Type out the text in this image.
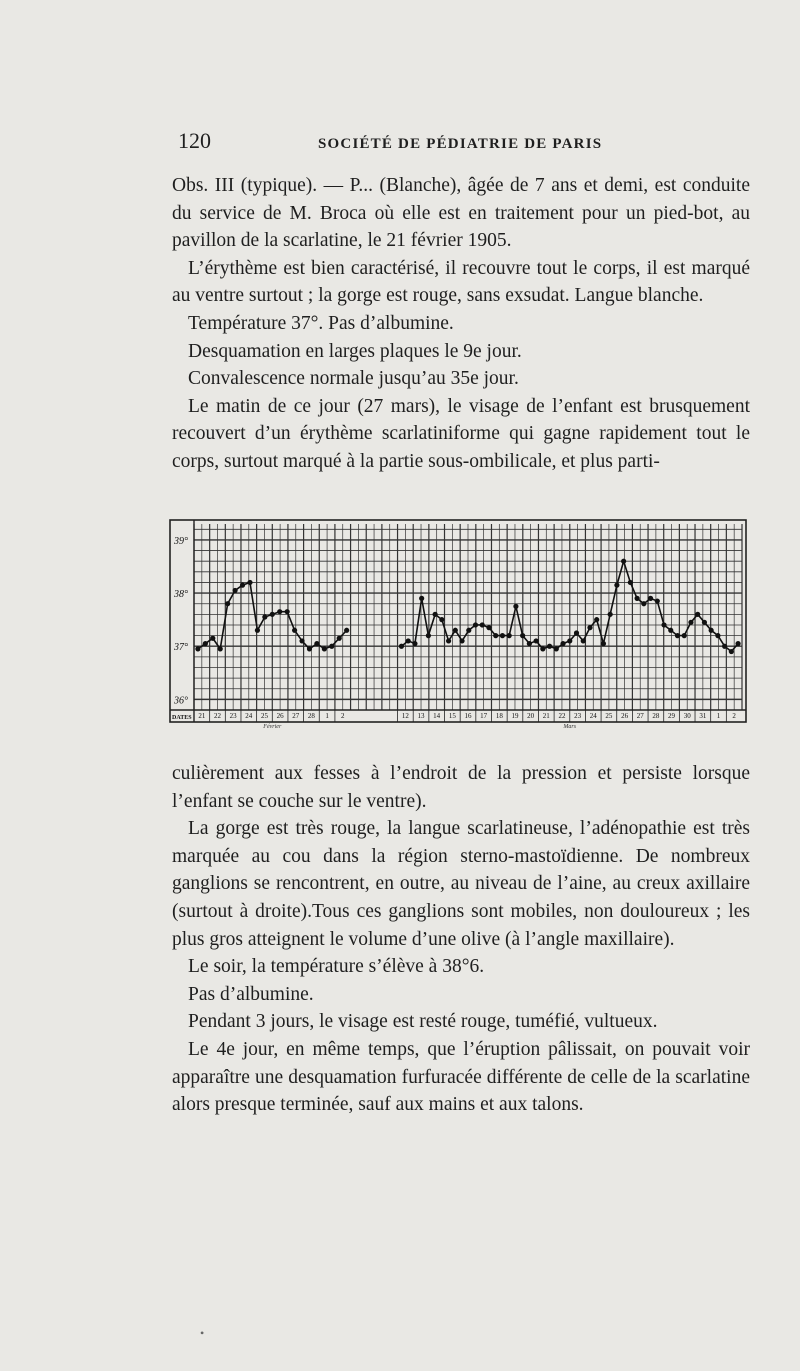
120	SOCIÉTÉ DE PÉDIATRIE DE PARIS

Obs. III (typique). — P... (Blanche), âgée de 7 ans et demi, est conduite du service de M. Broca où elle est en traitement pour un pied-bot, au pavillon de la scarlatine, le 21 février 1905.

L’érythème est bien caractérisé, il recouvre tout le corps, il est marqué au ventre surtout ; la gorge est rouge, sans exsudat. Langue blanche.

Température 37°. Pas d’albumine.

Desquamation en larges plaques le 9e jour.

Convalescence normale jusqu’au 35e jour.

Le matin de ce jour (27 mars), le visage de l’enfant est brusquement recouvert d’un érythème scarlatiniforme qui gagne rapidement tout le corps, surtout marqué à la partie sous-ombilicale, et plus parti-

39°
38°
37°
36°
DATES 21 22 23 24 25 26 27 28 1 2
Février
12 13 14 15 16 17 18 19 20 21 22 23 24 25 26 27 28 29 30 31 1 2
Mars

culièrement aux fesses à l’endroit de la pression et persiste lorsque l’enfant se couche sur le ventre).

La gorge est très rouge, la langue scarlatineuse, l’adénopathie est très marquée au cou dans la région sterno-mastoïdienne. De nombreux ganglions se rencontrent, en outre, au niveau de l’aine, au creux axillaire (surtout à droite).Tous ces ganglions sont mobiles, non douloureux ; les plus gros atteignent le volume d’une olive (à l’angle maxillaire).

Le soir, la température s’élève à 38°6.

Pas d’albumine.

Pendant 3 jours, le visage est resté rouge, tuméfié, vultueux.

Le 4e jour, en même temps, que l’éruption pâlissait, on pouvait voir apparaître une desquamation furfuracée différente de celle de la scarlatine alors presque terminée, sauf aux mains et aux talons.

•
